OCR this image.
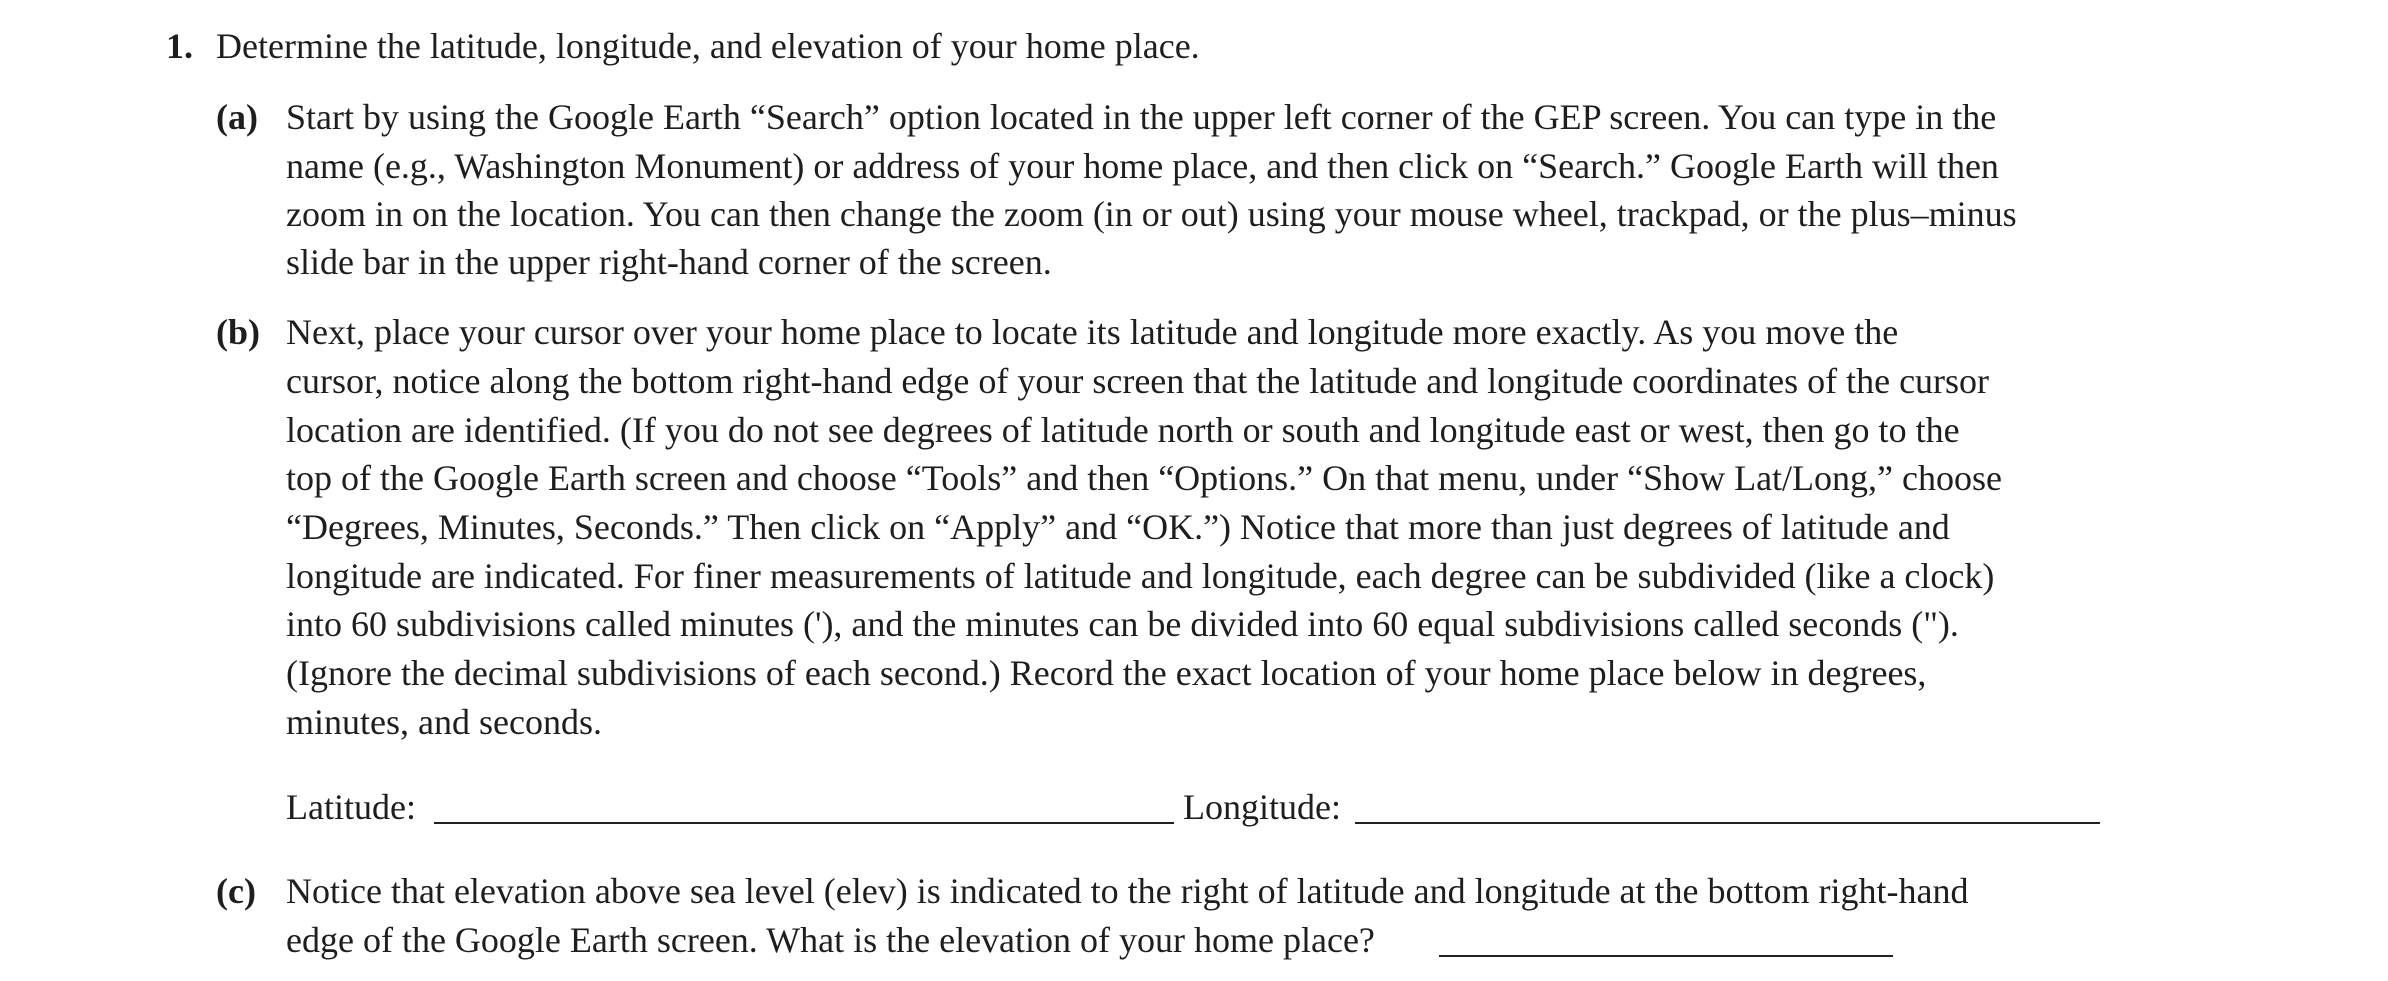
1. Determine the latitude, longitude, and elevation of your home place.
(a) Start by using the Google Earth “Search” option located in the upper left corner of the GEP screen. You can type in the
name (e.g., Washington Monument) or address of your home place, and then click on “Search.” Google Earth will then
zoom in on the location. You can then change the zoom (in or out) using your mouse wheel, trackpad, or the plus–minus
slide bar in the upper right-hand corner of the screen.
(b) Next, place your cursor over your home place to locate its latitude and longitude more exactly. As you move the
cursor, notice along the bottom right-hand edge of your screen that the latitude and longitude coordinates of the cursor
location are identified. (If you do not see degrees of latitude north or south and longitude east or west, then go to the
top of the Google Earth screen and choose “Tools” and then “Options.” On that menu, under “Show Lat/Long,” choose
“Degrees, Minutes, Seconds.” Then click on “Apply” and “OK.”) Notice that more than just degrees of latitude and
longitude are indicated. For finer measurements of latitude and longitude, each degree can be subdivided (like a clock)
into 60 subdivisions called minutes ('), and the minutes can be divided into 60 equal subdivisions called seconds (").
(Ignore the decimal subdivisions of each second.) Record the exact location of your home place below in degrees,
minutes, and seconds.
Latitude:	Longitude:
(c) Notice that elevation above sea level (elev) is indicated to the right of latitude and longitude at the bottom right-hand
edge of the Google Earth screen. What is the elevation of your home place?
